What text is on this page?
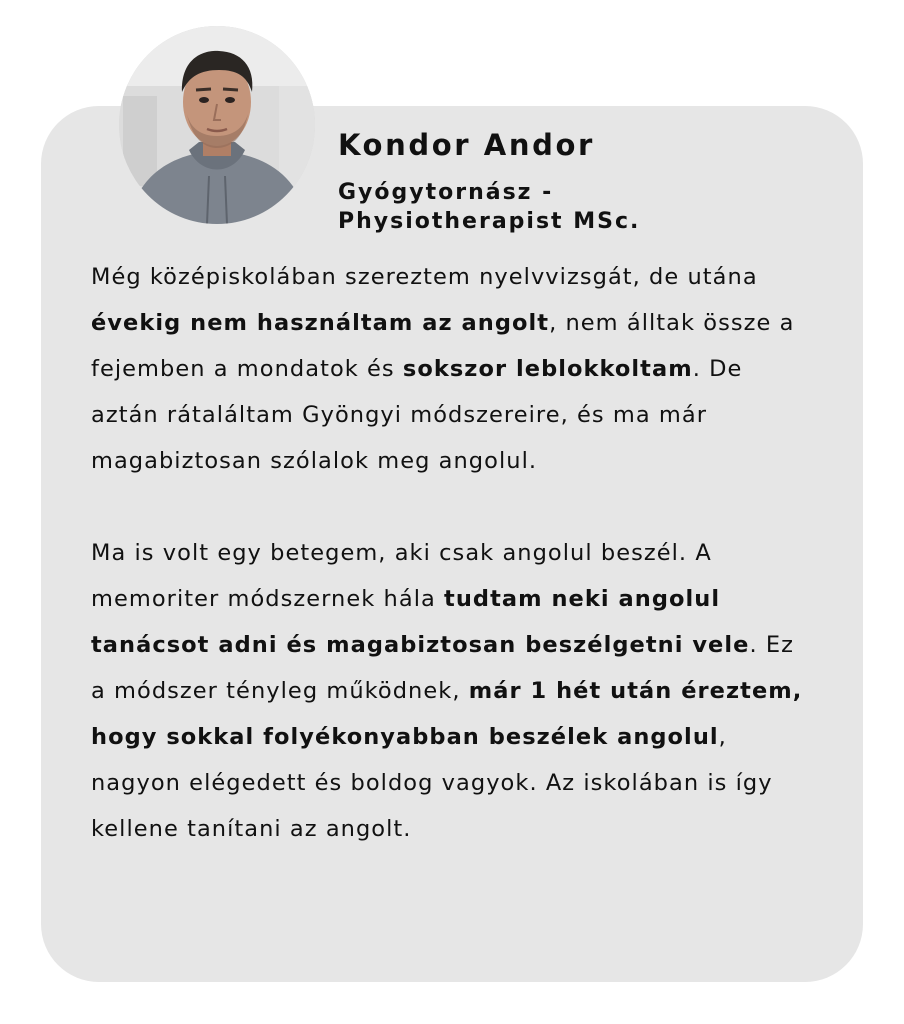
Kondor Andor
Gyógytornász -
Physiotherapist MSc.

Még középiskolában szereztem nyelvvizsgát, de utána évekig nem használtam az angolt, nem álltak össze a fejemben a mondatok és sokszor leblokkoltam. De aztán rátaláltam Gyöngyi módszereire, és ma már magabiztosan szólalok meg angolul.

Ma is volt egy betegem, aki csak angolul beszél. A memoriter módszernek hála tudtam neki angolul tanácsot adni és magabiztosan beszélgetni vele. Ez a módszer tényleg működnek, már 1 hét után éreztem, hogy sokkal folyékonyabban beszélek angolul, nagyon elégedett és boldog vagyok. Az iskolában is így kellene tanítani az angolt.
